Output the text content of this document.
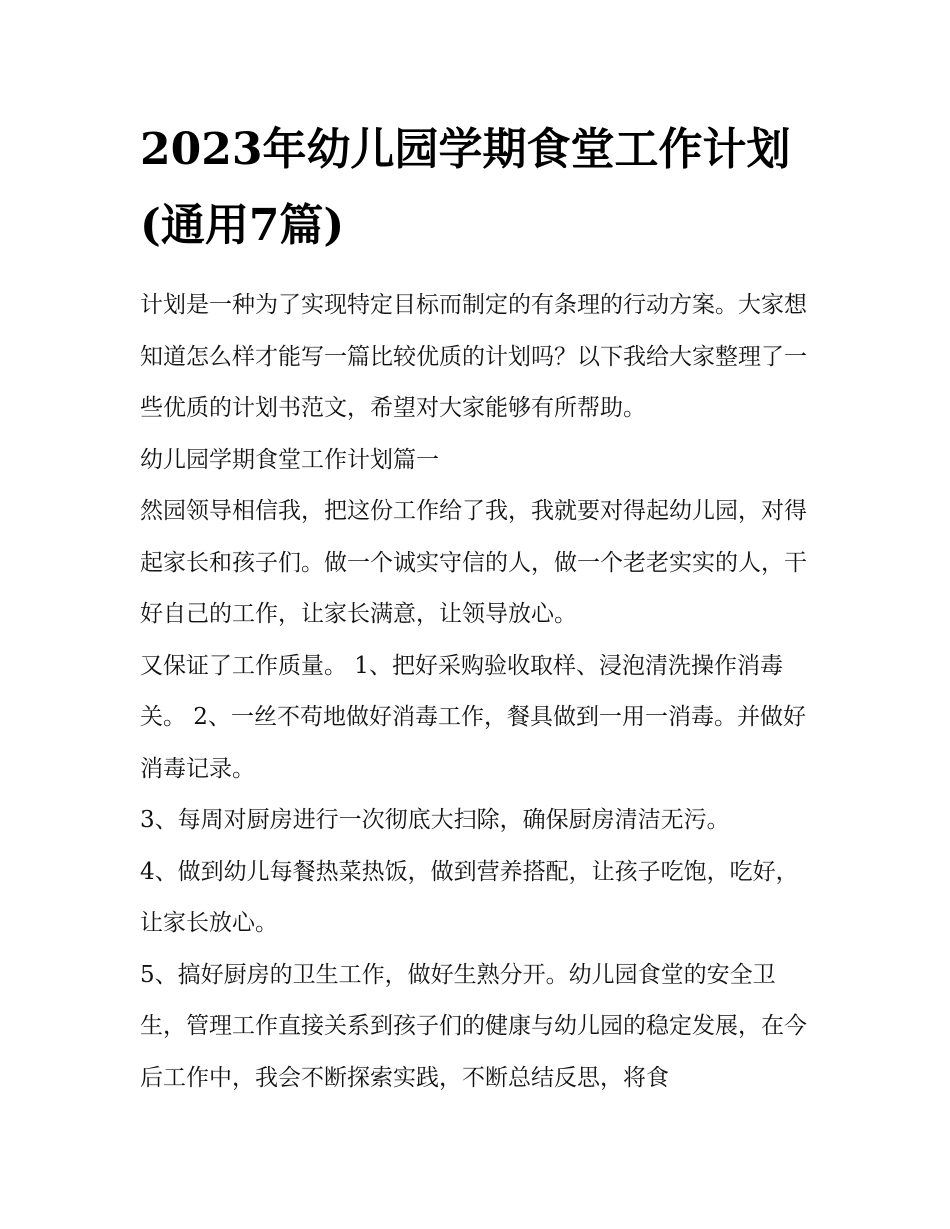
2023年幼儿园学期食堂工作计划(通用7篇)

计划是一种为了实现特定目标而制定的有条理的行动方案。大家想知道怎么样才能写一篇比较优质的计划吗？以下我给大家整理了一些优质的计划书范文，希望对大家能够有所帮助。

幼儿园学期食堂工作计划篇一

然园领导相信我，把这份工作给了我，我就要对得起幼儿园，对得起家长和孩子们。做一个诚实守信的人，做一个老老实实的人，干好自己的工作，让家长满意，让领导放心。

又保证了工作质量。 1、把好采购验收取样、浸泡清洗操作消毒关。 2、一丝不苟地做好消毒工作，餐具做到一用一消毒。并做好消毒记录。

3、每周对厨房进行一次彻底大扫除，确保厨房清洁无污。

4、做到幼儿每餐热菜热饭，做到营养搭配，让孩子吃饱，吃好，让家长放心。

5、搞好厨房的卫生工作，做好生熟分开。幼儿园食堂的安全卫生，管理工作直接关系到孩子们的健康与幼儿园的稳定发展，在今后工作中，我会不断探索实践，不断总结反思，将食
